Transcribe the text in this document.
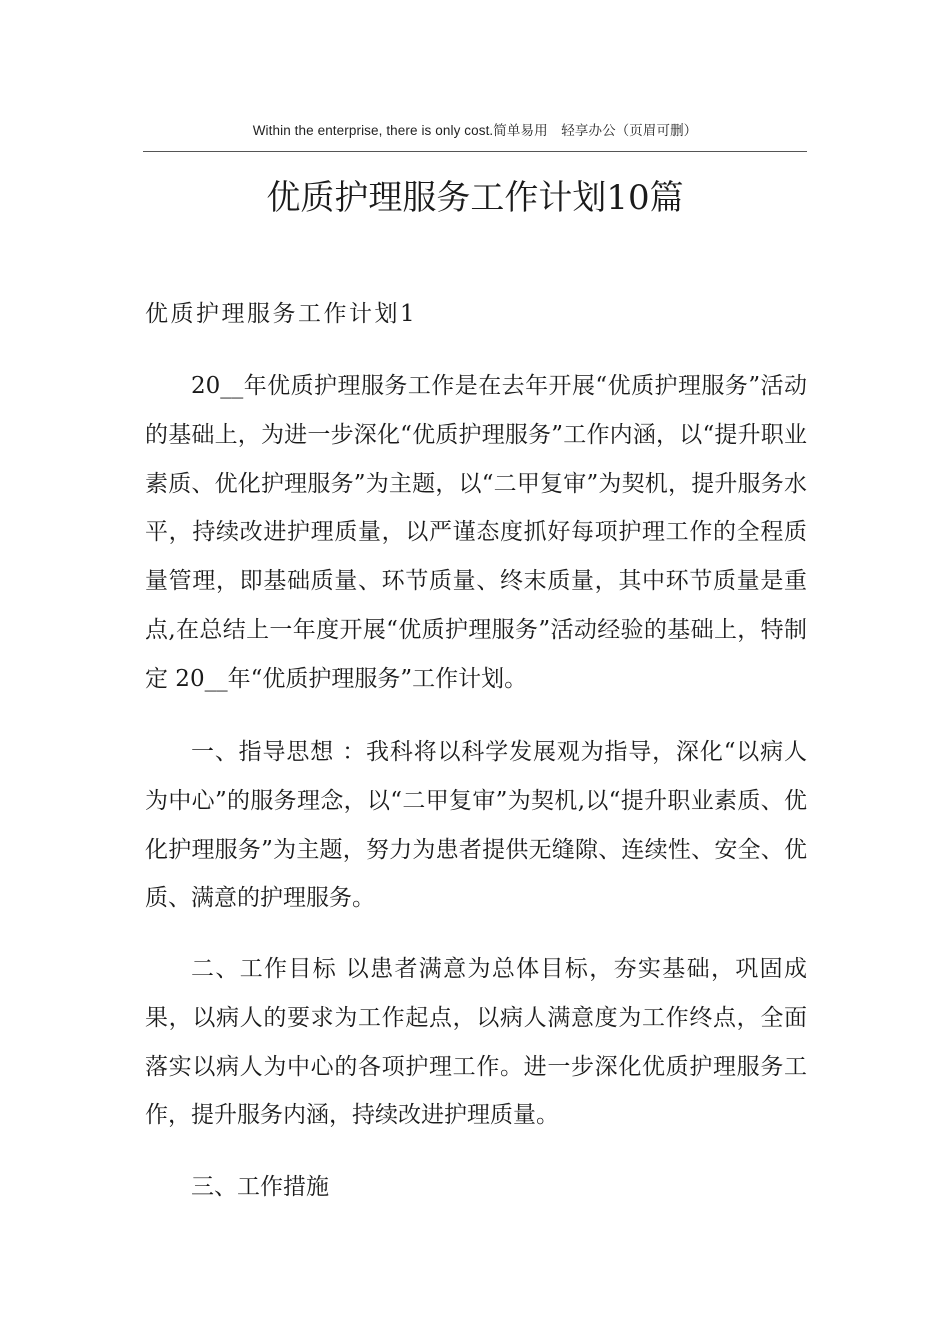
Within the enterprise, there is only cost.简单易用　轻享办公（页眉可删）
优质护理服务工作计划10篇
优质护理服务工作计划1

20__年优质护理服务工作是在去年开展“优质护理服务”活动的基础上，为进一步深化“优质护理服务”工作内涵，以“提升职业素质、优化护理服务”为主题，以“二甲复审”为契机，提升服务水平，持续改进护理质量，以严谨态度抓好每项护理工作的全程质量管理，即基础质量、环节质量、终末质量，其中环节质量是重点,在总结上一年度开展“优质护理服务”活动经验的基础上，特制定 20__年“优质护理服务”工作计划。

一、指导思想 ：我科将以科学发展观为指导，深化“以病人为中心”的服务理念，以“二甲复审”为契机,以“提升职业素质、优化护理服务”为主题，努力为患者提供无缝隙、连续性、安全、优质、满意的护理服务。

二、工作目标 以患者满意为总体目标，夯实基础，巩固成果，以病人的要求为工作起点，以病人满意度为工作终点，全面落实以病人为中心的各项护理工作。进一步深化优质护理服务工作，提升服务内涵，持续改进护理质量。

三、工作措施
